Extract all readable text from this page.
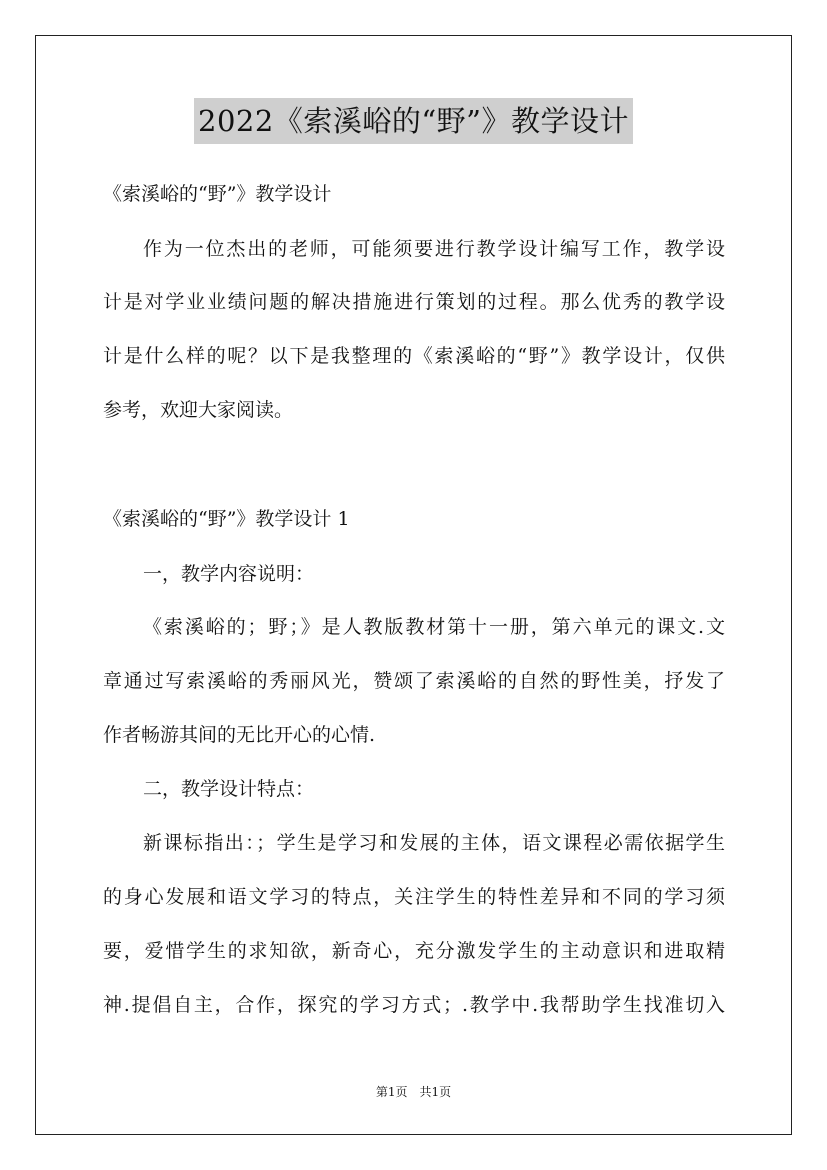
2022《索溪峪的“野”》教学设计
《索溪峪的“野”》教学设计
作为一位杰出的老师，可能须要进行教学设计编写工作，教学设
计是对学业业绩问题的解决措施进行策划的过程。那么优秀的教学设
计是什么样的呢？以下是我整理的《索溪峪的“野”》教学设计，仅供
参考，欢迎大家阅读。
《索溪峪的“野”》教学设计 1
一，教学内容说明：
《索溪峪的；野；》是人教版教材第十一册，第六单元的课文.文
章通过写索溪峪的秀丽风光，赞颂了索溪峪的自然的野性美，抒发了
作者畅游其间的无比开心的心情.
二，教学设计特点：
新课标指出：；学生是学习和发展的主体，语文课程必需依据学生
的身心发展和语文学习的特点，关注学生的特性差异和不同的学习须
要，爱惜学生的求知欲，新奇心，充分激发学生的主动意识和进取精
神.提倡自主，合作，探究的学习方式；.教学中.我帮助学生找准切入
第1页　共1页
